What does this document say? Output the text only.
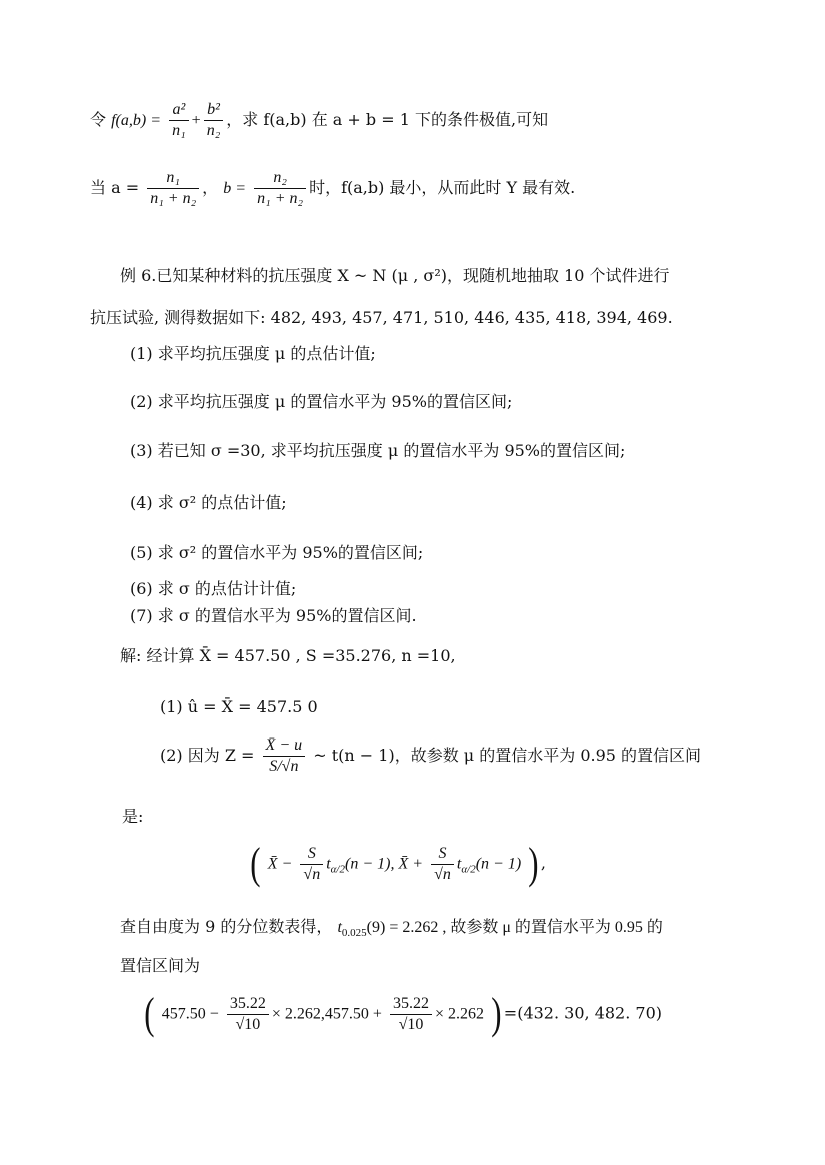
令 $f(a,b) = \frac{\text{a²}}{\text{n₁}} + \frac{\text{b²}}{\text{n₂}}$ ，求 f(a,b) 在 a + b = 1 下的条件极值,可知
当 $a = \frac{\text{n₁}}{\text{n₁ + n₂}}$ ， $b = \frac{\text{n₂}}{\text{n₁ + n₂}}$ 时，f(a,b) 最小，从而此时 Y 最有效.
例 6.已知某种材料的抗压强度 X ~ N (μ , σ²)，现随机地抽取 10 个试件进行
抗压试验, 测得数据如下: 482, 493, 457, 471, 510, 446, 435, 418, 394, 469.
(1) 求平均抗压强度 μ 的点估计值;
(2) 求平均抗压强度 μ 的置信水平为 95%的置信区间;
(3) 若已知 σ =30, 求平均抗压强度 μ 的置信水平为 95%的置信区间;
(4) 求 σ² 的点估计值;
(5) 求 σ² 的置信水平为 95%的置信区间;
(6) 求 σ 的点估计计值;
(7) 求 σ 的置信水平为 95%的置信区间.
解: 经计算 X̄ = 457.50 , S =35.276, n =10,
(1) û = X̄ = 457.5 0
(2) 因为 $Z = \frac{X̄ - u}{S/√n}$ ~ t(n − 1)，故参数 μ 的置信水平为 0.95 的置信区间
是:
( X̄ − $\frac{S}{√n} t_{\alpha/2}(n - 1)$, X̄ + $\frac{S}{√n} t_{\alpha/2}(n - 1)$ ) ,
查自由度为 9 的分位数表得， $t_{0.025}(9) = 2.262$ , 故参数 μ 的置信水平为 0.95 的
置信区间为
( $457.50 - \frac{35.22}{√10} \times 2.262,457.50 + \frac{35.22}{√10} \times 2.262$ ) =(432. 30, 482. 70)
